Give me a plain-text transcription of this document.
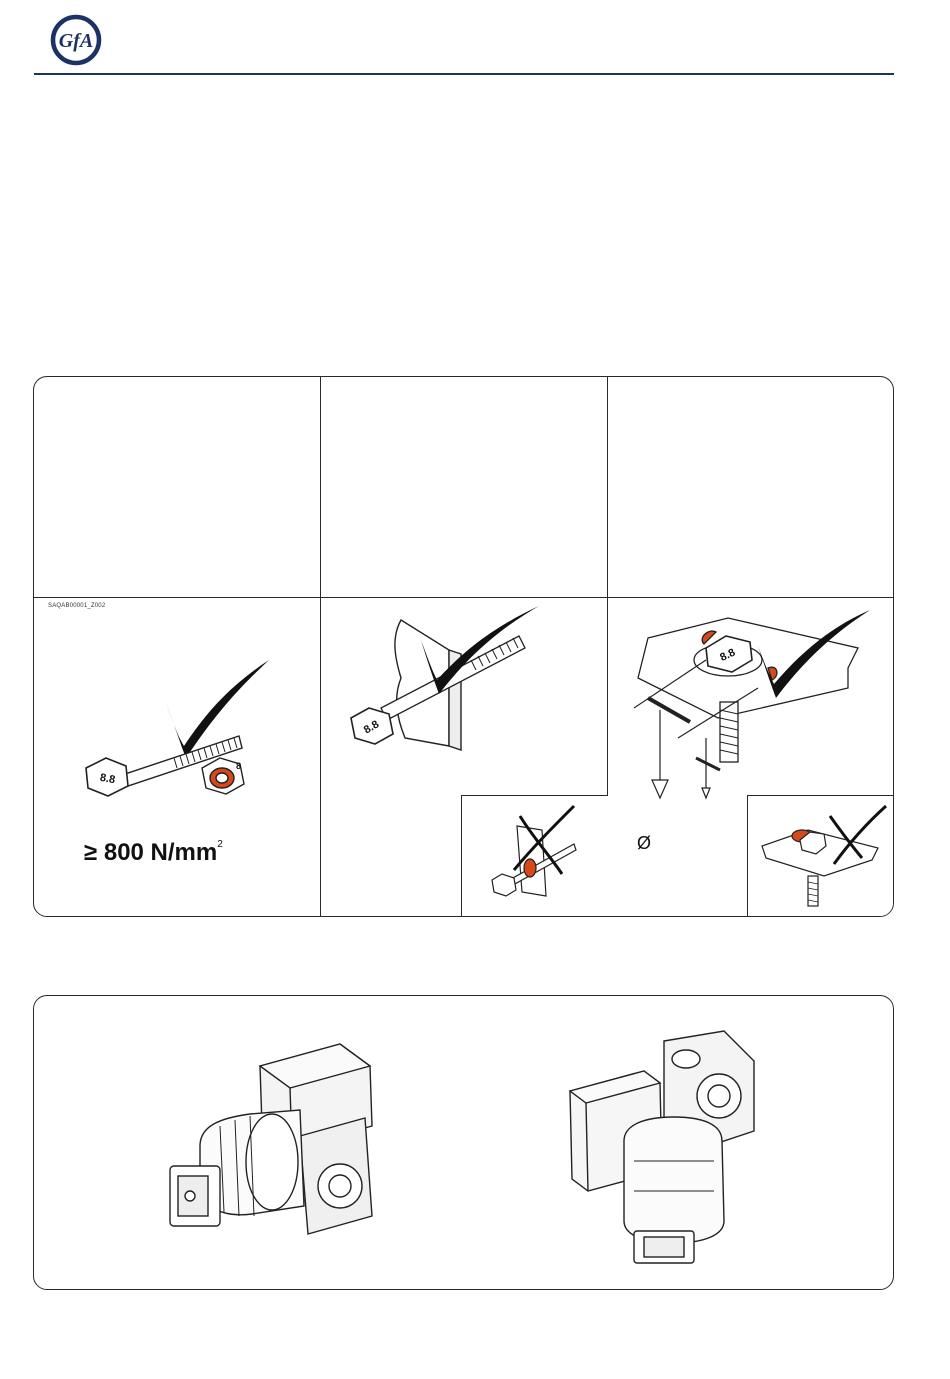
GfA
SAQAB00001_Z002
8.8
8
≥ 800 $N/mm^2$
8.8
8.8
Ø
